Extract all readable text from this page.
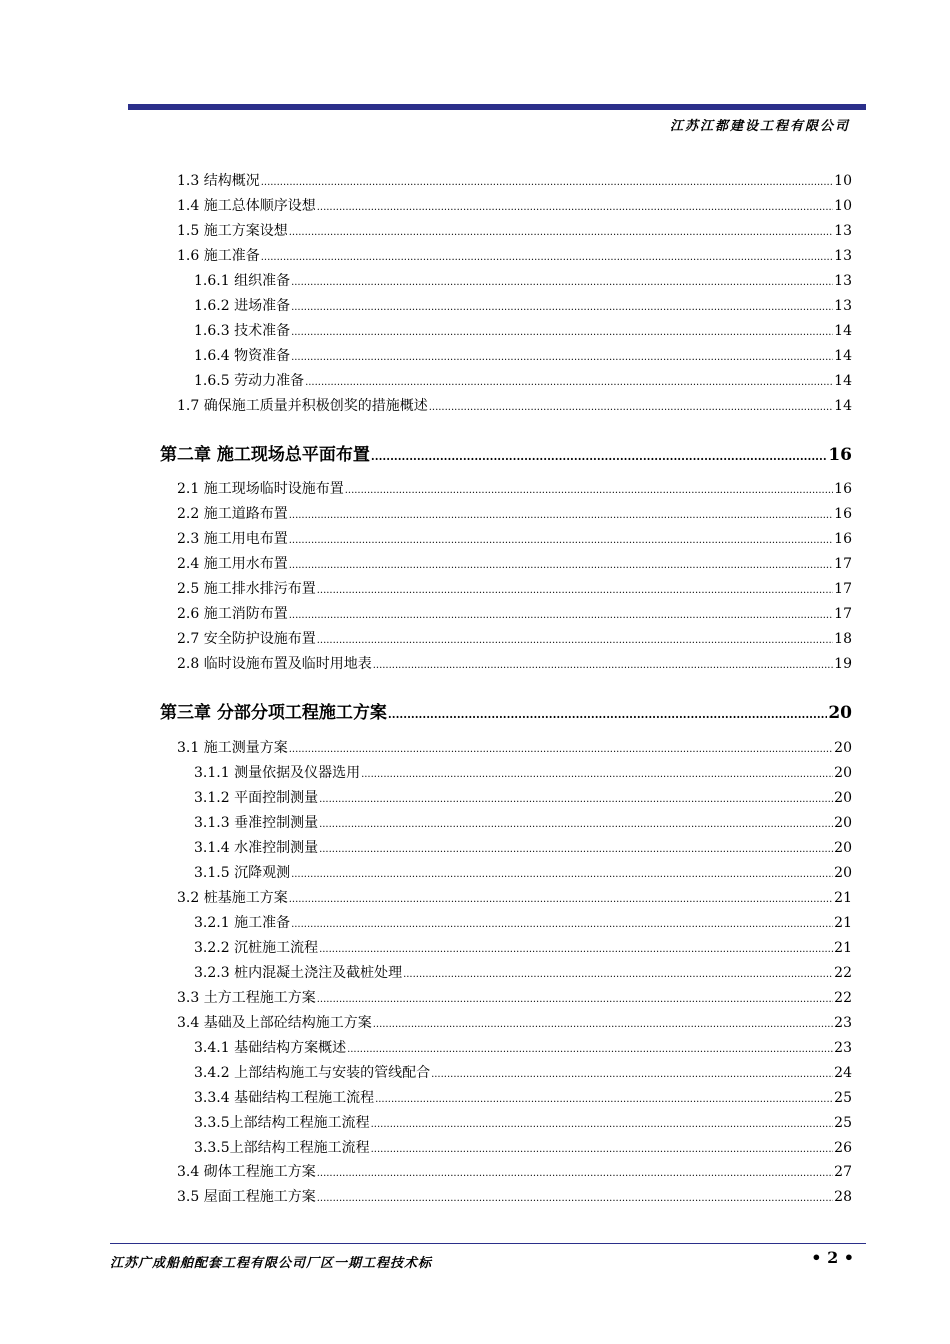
江苏江都建设工程有限公司
1.3 结构概况 .....	10
1.4 施工总体顺序设想 .....	10
1.5 施工方案设想 .....	13
1.6 施工准备 .....	13
1.6.1 组织准备 .....	13
1.6.2 进场准备 .....	13
1.6.3 技术准备 .....	14
1.6.4 物资准备 .....	14
1.6.5 劳动力准备 .....	14
1.7 确保施工质量并积极创奖的措施概述 .....	14
第二章 施工现场总平面布置 .....	16
2.1 施工现场临时设施布置 .....	16
2.2 施工道路布置 .....	16
2.3 施工用电布置 .....	16
2.4 施工用水布置 .....	17
2.5 施工排水排污布置 .....	17
2.6 施工消防布置 .....	17
2.7 安全防护设施布置 .....	18
2.8 临时设施布置及临时用地表 .....	19
第三章 分部分项工程施工方案 .....	20
3.1 施工测量方案 .....	20
3.1.1 测量依据及仪器选用 .....	20
3.1.2 平面控制测量 .....	20
3.1.3 垂准控制测量 .....	20
3.1.4 水准控制测量 .....	20
3.1.5 沉降观测 .....	20
3.2 桩基施工方案 .....	21
3.2.1 施工准备 .....	21
3.2.2 沉桩施工流程 .....	21
3.2.3 桩内混凝土浇注及截桩处理 .....	22
3.3 土方工程施工方案 .....	22
3.4 基础及上部砼结构施工方案 .....	23
3.4.1 基础结构方案概述 .....	23
3.4.2 上部结构施工与安装的管线配合 .....	24
3.3.4 基础结构工程施工流程 .....	25
3.3.5上部结构工程施工流程 .....	25
3.3.5上部结构工程施工流程 .....	26
3.4 砌体工程施工方案 .....	27
3.5 屋面工程施工方案 .....	28
江苏广成船舶配套工程有限公司厂区一期工程技术标	• 2 •
